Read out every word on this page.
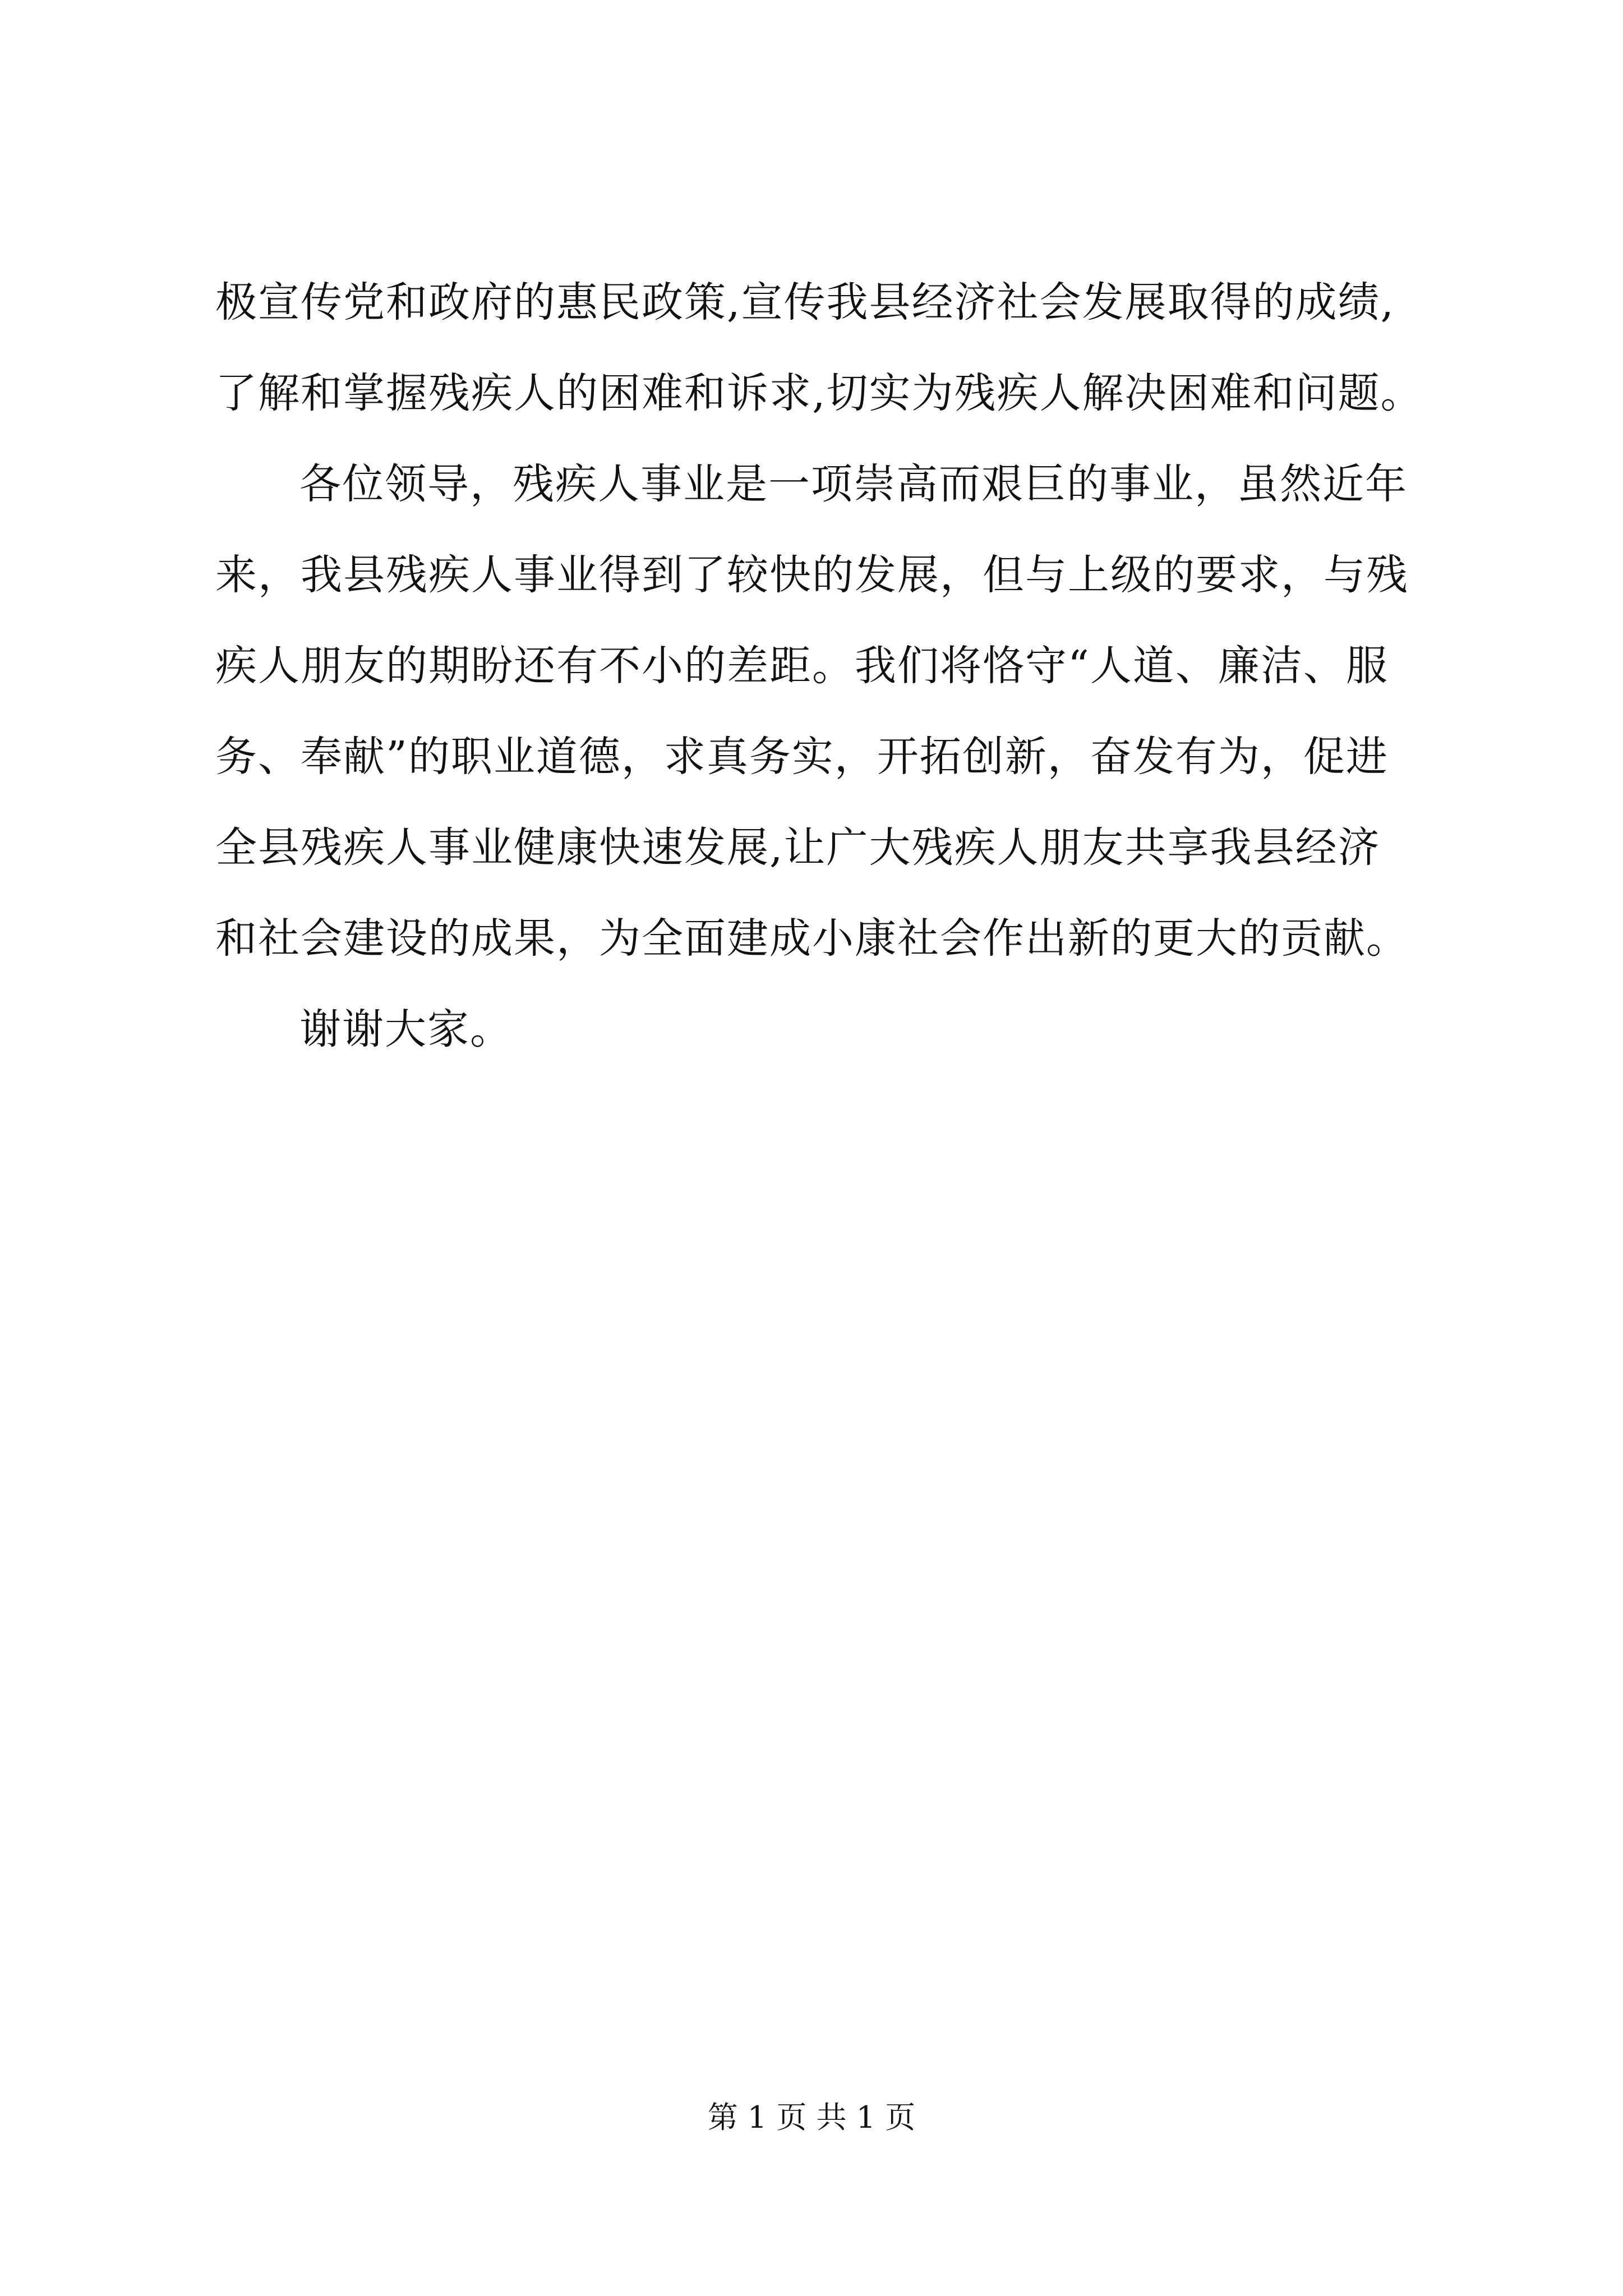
极宣传党和政府的惠民政策,宣传我县经济社会发展取得的成绩,
了解和掌握残疾人的困难和诉求,切实为残疾人解决困难和问题。
各位领导，残疾人事业是一项崇高而艰巨的事业，虽然近年
来，我县残疾人事业得到了较快的发展，但与上级的要求，与残
疾人朋友的期盼还有不小的差距。我们将恪守“人道、廉洁、服
务、奉献”的职业道德，求真务实，开拓创新，奋发有为，促进
全县残疾人事业健康快速发展,让广大残疾人朋友共享我县经济
和社会建设的成果，为全面建成小康社会作出新的更大的贡献。
谢谢大家。
第 1 页 共 1 页
